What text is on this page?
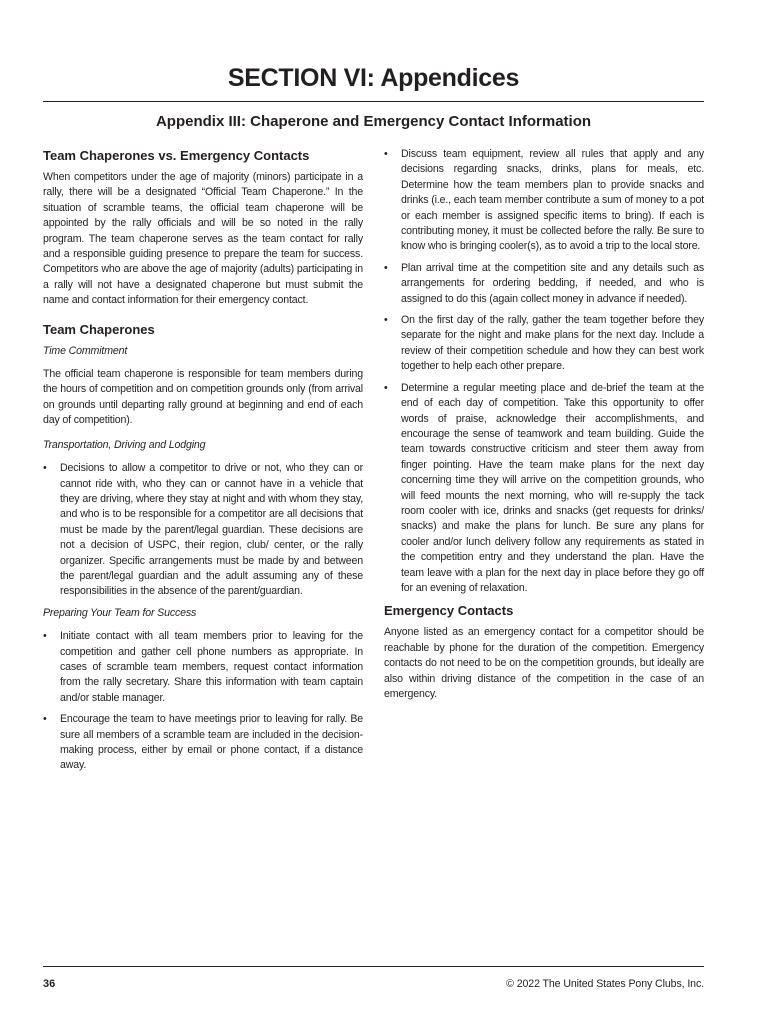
SECTION VI: Appendices
Appendix III: Chaperone and Emergency Contact Information
Team Chaperones vs. Emergency Contacts

When competitors under the age of majority (minors) participate in a rally, there will be a designated “Official Team Chaperone.” In the situation of scramble teams, the official team chaperone will be appointed by the rally officials and will be so noted in the rally program. The team chaperone serves as the team contact for rally and a responsible guiding presence to prepare the team for success. Competitors who are above the age of majority (adults) participating in a rally will not have a designated chaperone but must submit the name and contact information for their emergency contact.

Team Chaperones

Time Commitment

The official team chaperone is responsible for team members during the hours of competition and on competition grounds only (from arrival on grounds until departing rally ground at beginning and end of each day of competition).

Transportation, Driving and Lodging

• Decisions to allow a competitor to drive or not, who they can or cannot ride with, who they can or cannot have in a vehicle that they are driving, where they stay at night and with whom they stay, and who is to be responsible for a competitor are all decisions that must be made by the parent/legal guardian. These decisions are not a decision of USPC, their region, club/ center, or the rally organizer. Specific arrangements must be made by and between the parent/legal guardian and the adult assuming any of these responsibilities in the absence of the parent/guardian.

Preparing Your Team for Success

• Initiate contact with all team members prior to leaving for the competition and gather cell phone numbers as appropriate. In cases of scramble team members, request contact information from the rally secretary. Share this information with team captain and/or stable manager.
• Encourage the team to have meetings prior to leaving for rally. Be sure all members of a scramble team are included in the decision-making process, either by email or phone contact, if a distance away.
• Discuss team equipment, review all rules that apply and any decisions regarding snacks, drinks, plans for meals, etc. Determine how the team members plan to provide snacks and drinks (i.e., each team member contribute a sum of money to a pot or each member is assigned specific items to bring). If each is contributing money, it must be collected before the rally. Be sure to know who is bringing cooler(s), as to avoid a trip to the local store.
• Plan arrival time at the competition site and any details such as arrangements for ordering bedding, if needed, and who is assigned to do this (again collect money in advance if needed).
• On the first day of the rally, gather the team together before they separate for the night and make plans for the next day. Include a review of their competition schedule and how they can best work together to help each other prepare.
• Determine a regular meeting place and de-brief the team at the end of each day of competition. Take this opportunity to offer words of praise, acknowledge their accomplishments, and encourage the sense of teamwork and team building. Guide the team towards constructive criticism and steer them away from finger pointing. Have the team make plans for the next day concerning time they will arrive on the competition grounds, who will feed mounts the next morning, who will re-supply the tack room cooler with ice, drinks and snacks (get requests for drinks/ snacks) and make the plans for lunch. Be sure any plans for cooler and/or lunch delivery follow any requirements as stated in the competition entry and they understand the plan. Have the team leave with a plan for the next day in place before they go off for an evening of relaxation.
Emergency Contacts

Anyone listed as an emergency contact for a competitor should be reachable by phone for the duration of the competition. Emergency contacts do not need to be on the competition grounds, but ideally are also within driving distance of the competition in the case of an emergency.

36	© 2022 The United States Pony Clubs, Inc.
